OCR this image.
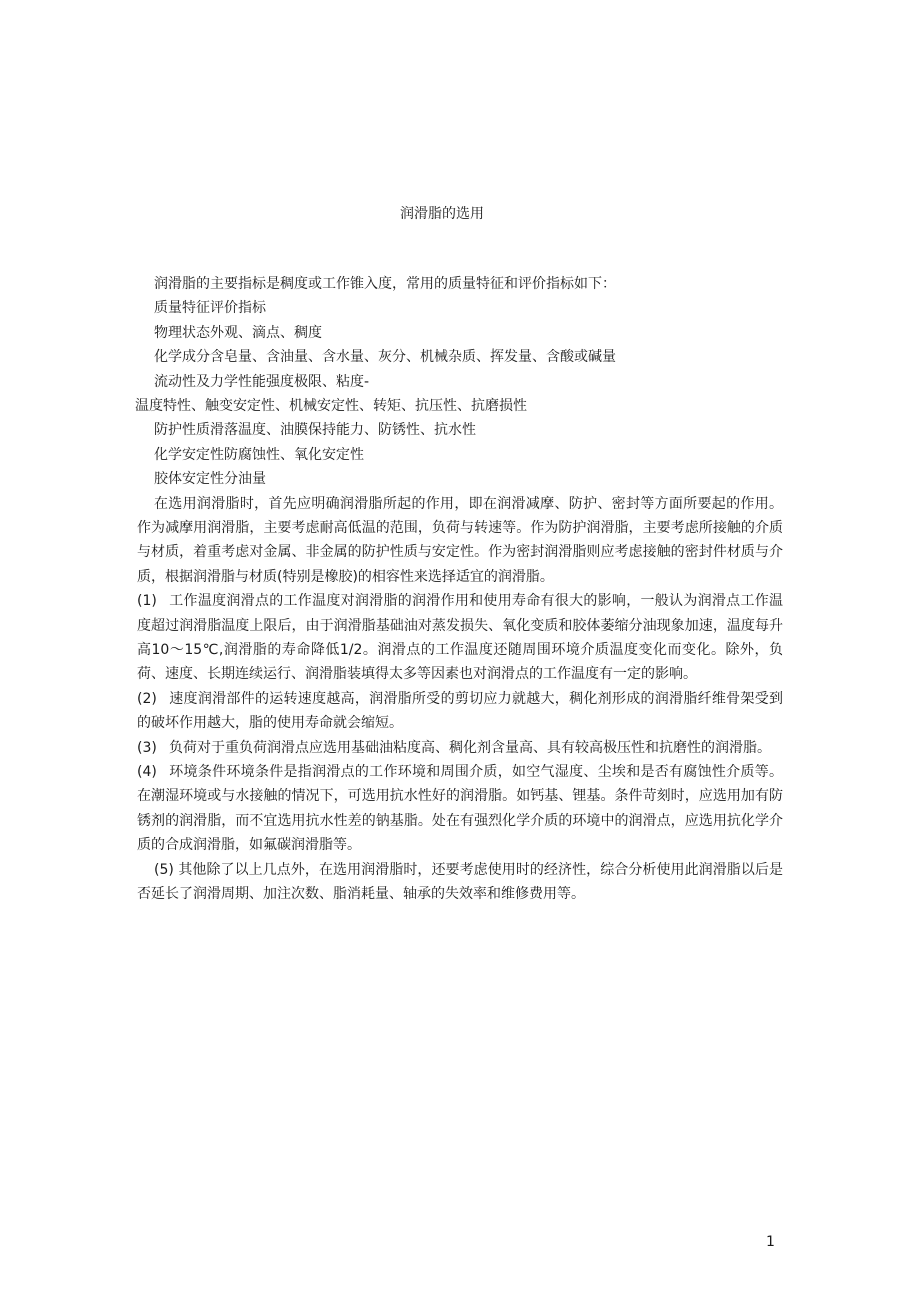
润滑脂的选用
润滑脂的主要指标是稠度或工作锥入度，常用的质量特征和评价指标如下：
质量特征评价指标
物理状态外观、滴点、稠度
化学成分含皂量、含油量、含水量、灰分、机械杂质、挥发量、含酸或碱量
流动性及力学性能强度极限、粘度-
温度特性、触变安定性、机械安定性、转矩、抗压性、抗磨损性
防护性质滑落温度、油膜保持能力、防锈性、抗水性
化学安定性防腐蚀性、氧化安定性
胶体安定性分油量

在选用润滑脂时，首先应明确润滑脂所起的作用，即在润滑减摩、防护、密封等方面所要起的作用。作为减摩用润滑脂，主要考虑耐高低温的范围，负荷与转速等。作为防护润滑脂，主要考虑所接触的介质与材质，着重考虑对金属、非金属的防护性质与安定性。作为密封润滑脂则应考虑接触的密封件材质与介质，根据润滑脂与材质(特别是橡胶)的相容性来选择适宜的润滑脂。

(1) 工作温度润滑点的工作温度对润滑脂的润滑作用和使用寿命有很大的影响，一般认为润滑点工作温度超过润滑脂温度上限后，由于润滑脂基础油对蒸发损失、氧化变质和胶体萎缩分油现象加速，温度每升高10～15℃,润滑脂的寿命降低1/2。润滑点的工作温度还随周围环境介质温度变化而变化。除外，负荷、速度、长期连续运行、润滑脂装填得太多等因素也对润滑点的工作温度有一定的影响。

(2) 速度润滑部件的运转速度越高，润滑脂所受的剪切应力就越大，稠化剂形成的润滑脂纤维骨架受到的破坏作用越大，脂的使用寿命就会缩短。

(3) 负荷对于重负荷润滑点应选用基础油粘度高、稠化剂含量高、具有较高极压性和抗磨性的润滑脂。

(4) 环境条件环境条件是指润滑点的工作环境和周围介质，如空气湿度、尘埃和是否有腐蚀性介质等。在潮湿环境或与水接触的情况下，可选用抗水性好的润滑脂。如钙基、锂基。条件苛刻时，应选用加有防锈剂的润滑脂，而不宜选用抗水性差的钠基脂。处在有强烈化学介质的环境中的润滑点，应选用抗化学介质的合成润滑脂，如氟碳润滑脂等。

(5) 其他除了以上几点外，在选用润滑脂时，还要考虑使用时的经济性，综合分析使用此润滑脂以后是否延长了润滑周期、加注次数、脂消耗量、轴承的失效率和维修费用等。

1
